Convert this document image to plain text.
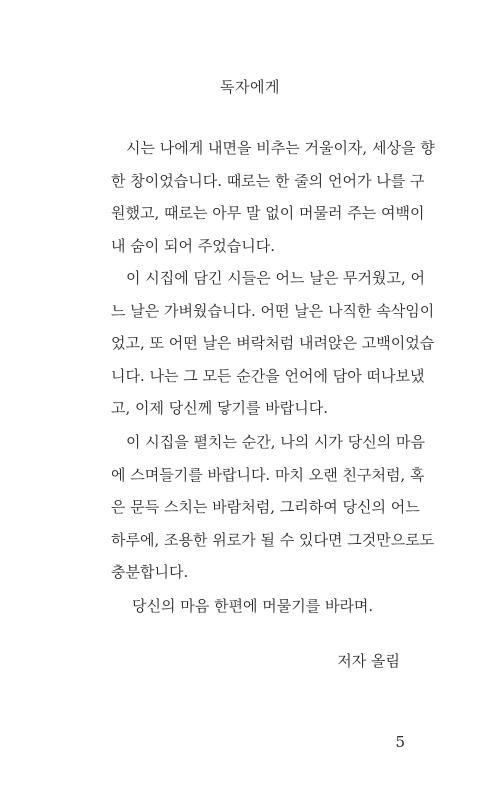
독자에게
　시는 나에게 내면을 비추는 거울이자, 세상을 향
한 창이었습니다. 때로는 한 줄의 언어가 나를 구
원했고, 때로는 아무 말 없이 머물러 주는 여백이
내 숨이 되어 주었습니다.
　이 시집에 담긴 시들은 어느 날은 무거웠고, 어
느 날은 가벼웠습니다. 어떤 날은 나직한 속삭임이
었고, 또 어떤 날은 벼락처럼 내려앉은 고백이었습
니다. 나는 그 모든 순간을 언어에 담아 떠나보냈
고, 이제 당신께 닿기를 바랍니다.
　이 시집을 펼치는 순간, 나의 시가 당신의 마음
에 스며들기를 바랍니다. 마치 오랜 친구처럼, 혹
은 문득 스치는 바람처럼, 그리하여 당신의 어느
하루에, 조용한 위로가 될 수 있다면 그것만으로도
충분합니다.
당신의 마음 한편에 머물기를 바라며.
저자 올림
5
